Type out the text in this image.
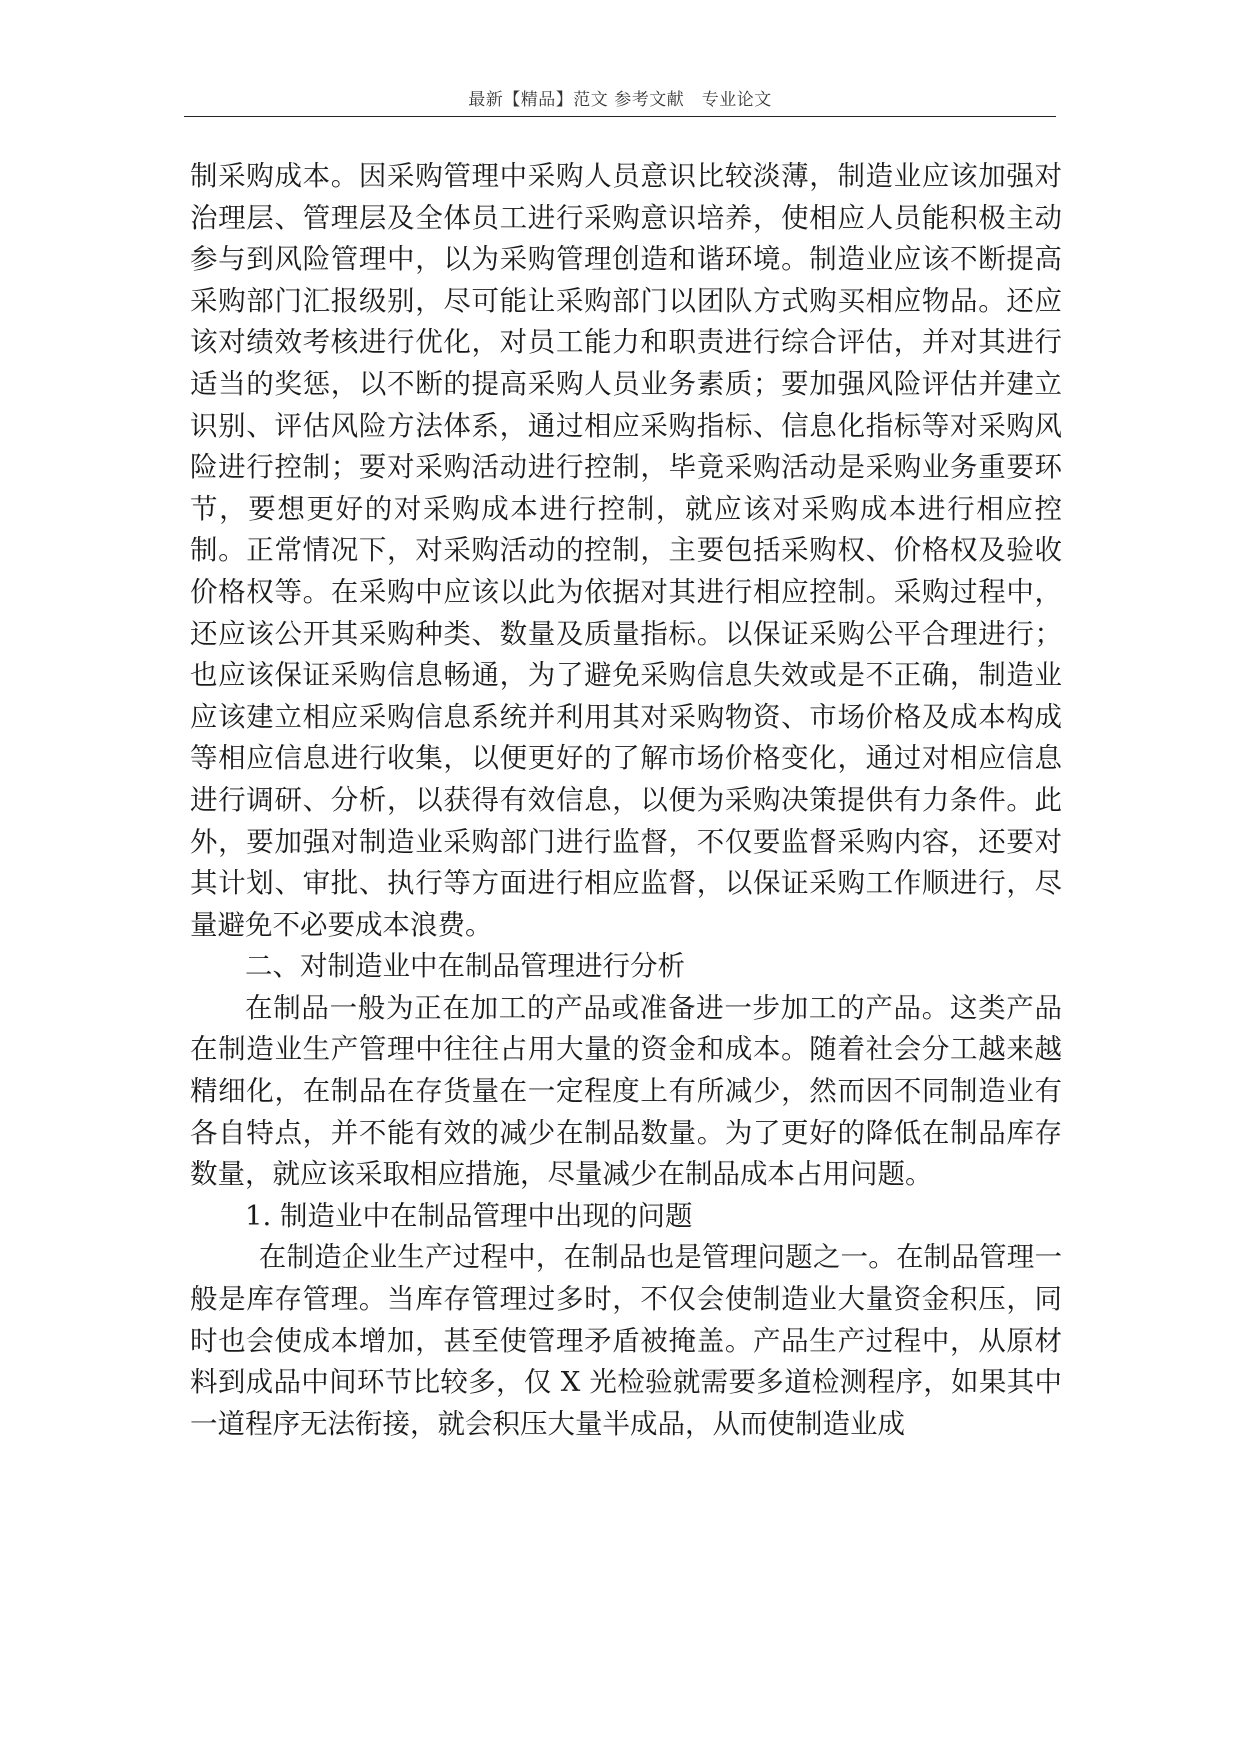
最新【精品】范文 参考文献　专业论文

制采购成本。因采购管理中采购人员意识比较淡薄，制造业应该加强对治理层、管理层及全体员工进行采购意识培养，使相应人员能积极主动参与到风险管理中，以为采购管理创造和谐环境。制造业应该不断提高采购部门汇报级别，尽可能让采购部门以团队方式购买相应物品。还应该对绩效考核进行优化，对员工能力和职责进行综合评估，并对其进行适当的奖惩，以不断的提高采购人员业务素质；要加强风险评估并建立识别、评估风险方法体系，通过相应采购指标、信息化指标等对采购风险进行控制；要对采购活动进行控制，毕竟采购活动是采购业务重要环节，要想更好的对采购成本进行控制，就应该对采购成本进行相应控制。正常情况下，对采购活动的控制，主要包括采购权、价格权及验收价格权等。在采购中应该以此为依据对其进行相应控制。采购过程中，还应该公开其采购种类、数量及质量指标。以保证采购公平合理进行；也应该保证采购信息畅通，为了避免采购信息失效或是不正确，制造业应该建立相应采购信息系统并利用其对采购物资、市场价格及成本构成等相应信息进行收集，以便更好的了解市场价格变化，通过对相应信息进行调研、分析，以获得有效信息，以便为采购决策提供有力条件。此外，要加强对制造业采购部门进行监督，不仅要监督采购内容，还要对其计划、审批、执行等方面进行相应监督，以保证采购工作顺进行，尽量避免不必要成本浪费。

二、对制造业中在制品管理进行分析

在制品一般为正在加工的产品或准备进一步加工的产品。这类产品在制造业生产管理中往往占用大量的资金和成本。随着社会分工越来越精细化，在制品在存货量在一定程度上有所减少，然而因不同制造业有各自特点，并不能有效的减少在制品数量。为了更好的降低在制品库存数量，就应该采取相应措施，尽量减少在制品成本占用问题。

1. 制造业中在制品管理中出现的问题

在制造企业生产过程中，在制品也是管理问题之一。在制品管理一般是库存管理。当库存管理过多时，不仅会使制造业大量资金积压，同时也会使成本增加，甚至使管理矛盾被掩盖。产品生产过程中，从原材料到成品中间环节比较多，仅 X 光检验就需要多道检测程序，如果其中一道程序无法衔接，就会积压大量半成品，从而使制造业成
